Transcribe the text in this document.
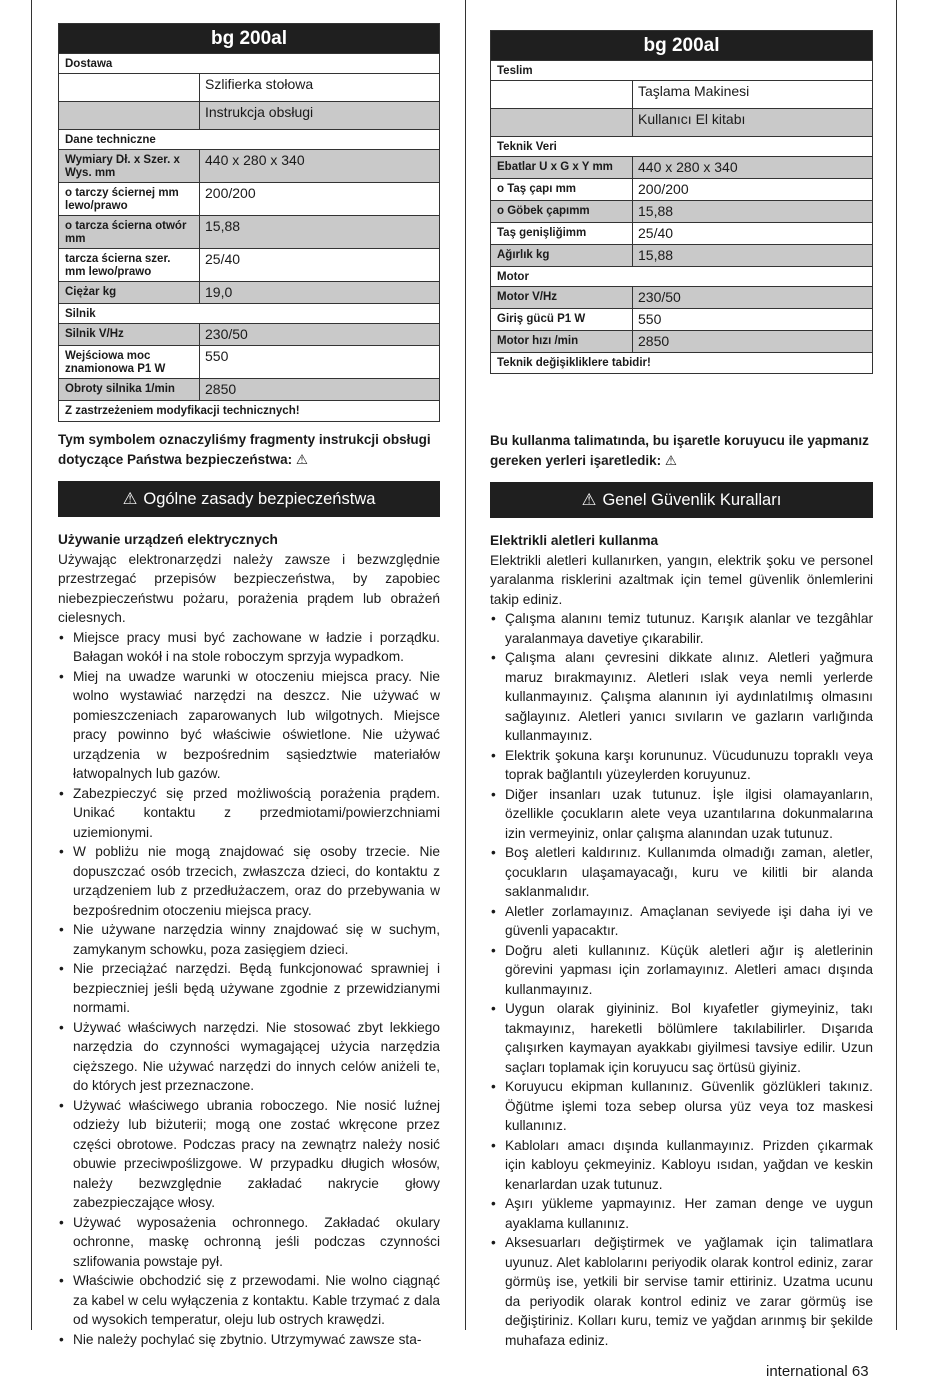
bg 200al	
Dostawa	
	Szlifierka stołowa
	Instrukcja obsługi
Dane techniczne	
Wymiary Dł. x Szer. x Wys. mm	440 x 280 x 340
o tarczy ściernej mm lewo/prawo	200/200
o tarcza ścierna otwór mm	15,88
tarcza ścierna szer. mm lewo/prawo	25/40
Ciężar kg	19,0
Silnik	
Silnik V/Hz	230/50
Wejściowa moc znamionowa P1 W	550
Obroty silnika 1/min	2850
Z zastrzeżeniem modyfikacji technicznych!	

Tym symbolem oznaczyliśmy fragmenty instrukcji obsługi dotyczące Państwa bezpieczeństwa: ⚠

⚠ Ogólne zasady bezpieczeństwa

Używanie urządzeń elektrycznych

Używając elektronarzędzi należy zawsze i bezwzględnie przestrzegać przepisów bezpieczeństwa, by zapobiec niebezpieczeństwu pożaru, porażenia prądem lub obrażeń cielesnych.

• Miejsce pracy musi być zachowane w ładzie i porządku. Bałagan wokół i na stole roboczym sprzyja wypadkom.
• Miej na uwadze warunki w otoczeniu miejsca pracy. Nie wolno wystawiać narzędzi na deszcz. Nie używać w pomieszczeniach zaparowanych lub wilgotnych. Miejsce pracy powinno być właściwie oświetlone. Nie używać urządzenia w bezpośrednim sąsiedztwie materiałów łatwopalnych lub gazów.
• Zabezpieczyć się przed możliwością porażenia prądem. Unikać kontaktu z przedmiotami/powierzchniami uziemionymi.
• W pobliżu nie mogą znajdować się osoby trzecie. Nie dopuszczać osób trzecich, zwłaszcza dzieci, do kontaktu z urządzeniem lub z przedłużaczem, oraz do przebywania w bezpośrednim otoczeniu miejsca pracy.
• Nie używane narzędzia winny znajdować się w suchym, zamykanym schowku, poza zasięgiem dzieci.
• Nie przeciążać narzędzi. Będą funkcjonować sprawniej i bezpieczniej jeśli będą używane zgodnie z przewidzianymi normami.
• Używać właściwych narzędzi. Nie stosować zbyt lekkiego narzędzia do czynności wymagającej użycia narzędzia cięższego. Nie używać narzędzi do innych celów aniżeli te, do których jest przeznaczone.
• Używać właściwego ubrania roboczego. Nie nosić luźnej odzieży lub biżuterii; mogą one zostać wkręcone przez części obrotowe. Podczas pracy na zewnątrz należy nosić obuwie przeciwpoślizgowe. W przypadku długich włosów, należy bezwzględnie zakładać nakrycie głowy zabezpieczające włosy.
• Używać wyposażenia ochronnego. Zakładać okulary ochronne, maskę ochronną jeśli podczas czynności szlifowania powstaje pył.
• Właściwie obchodzić się z przewodami. Nie wolno ciągnąć za kabel w celu wyłączenia z kontaktu. Kable trzymać z dala od wysokich temperatur, oleju lub ostrych krawędzi.
• Nie należy pochylać się zbytnio. Utrzymywać zawsze sta-
bg 200al	
Teslim	
	Taşlama Makinesi
	Kullanıcı El kitabı
Teknik Veri	
Ebatlar U x G x Y mm	440 x 280 x 340
o Taş çapı mm	200/200
o Göbek çapımm	15,88
Taş genişliğimm	25/40
Ağırlık kg	15,88
Motor	
Motor V/Hz	230/50
Giriş gücü P1 W	550
Motor hızı /min	2850
Teknik değişikliklere tabidir!	

Bu kullanma talimatında, bu işaretle koruyucu ile yapmanız gereken yerleri işaretledik: ⚠

⚠ Genel Güvenlik Kuralları

Elektrikli aletleri kullanma

Elektrikli aletleri kullanırken, yangın, elektrik şoku ve personel yaralanma risklerini azaltmak için temel güvenlik önlemlerini takip ediniz.

• Çalışma alanını temiz tutunuz. Karışık alanlar ve tezgâhlar yaralanmaya davetiye çıkarabilir.
• Çalışma alanı çevresini dikkate alınız. Aletleri yağmura maruz bırakmayınız. Aletleri ıslak veya nemli yerlerde kullanmayınız. Çalışma alanının iyi aydınlatılmış olmasını sağlayınız. Aletleri yanıcı sıvıların ve gazların varlığında kullanmayınız.
• Elektrik şokuna karşı korununuz. Vücudunuzu topraklı veya toprak bağlantılı yüzeylerden koruyunuz.
• Diğer insanları uzak tutunuz. İşle ilgisi olamayanların, özellikle çocukların alete veya uzantılarına dokunmalarına izin vermeyiniz, onlar çalışma alanından uzak tutunuz.
• Boş aletleri kaldırınız. Kullanımda olmadığı zaman, aletler, çocukların ulaşamayacağı, kuru ve kilitli bir alanda saklanmalıdır.
• Aletler zorlamayınız. Amaçlanan seviyede işi daha iyi ve güvenli yapacaktır.
• Doğru aleti kullanınız. Küçük aletleri ağır iş aletlerinin görevini yapması için zorlamayınız. Aletleri amacı dışında kullanmayınız.
• Uygun olarak giyininiz. Bol kıyafetler giymeyiniz, takı takmayınız, hareketli bölümlere takılabilirler. Dışarıda çalışırken kaymayan ayakkabı giyilmesi tavsiye edilir. Uzun saçları toplamak için koruyucu saç örtüsü giyiniz.
• Koruyucu ekipman kullanınız. Güvenlik gözlükleri takınız. Öğütme işlemi toza sebep olursa yüz veya toz maskesi kullanınız.
• Kabloları amacı dışında kullanmayınız. Prizden çıkarmak için kabloyu çekmeyiniz. Kabloyu ısıdan, yağdan ve keskin kenarlardan uzak tutunuz.
• Aşırı yükleme yapmayınız. Her zaman denge ve uygun ayaklama kullanınız.
• Aksesuarları değiştirmek ve yağlamak için talimatlara uyunuz. Alet kablolarını periyodik olarak kontrol ediniz, zarar görmüş ise, yetkili bir servise tamir ettiriniz. Uzatma ucunu da periyodik olarak kontrol ediniz ve zarar görmüş ise değiştiriniz. Kolları kuru, temiz ve yağdan arınmış bir şekilde muhafaza ediniz.
international 63
